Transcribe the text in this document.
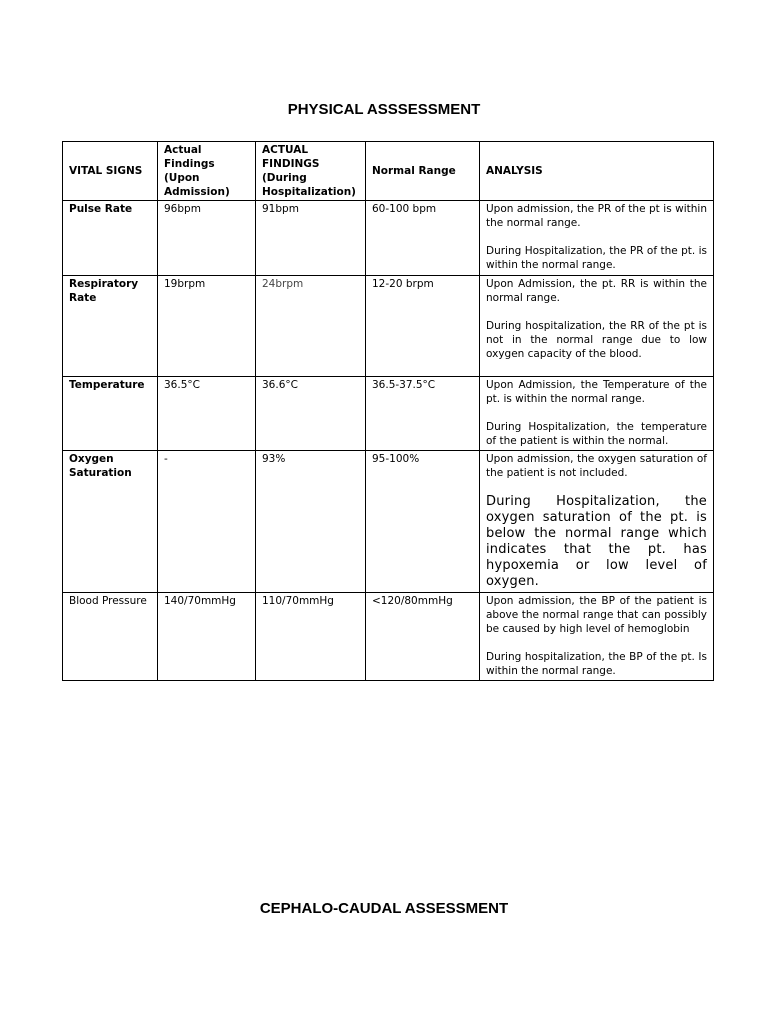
PHYSICAL ASSSESSMENT
VITAL SIGNS	Actual Findings (Upon Admission)	ACTUAL FINDINGS (During Hospitalization)	Normal Range	ANALYSIS
Pulse Rate	96bpm	91bpm	60-100 bpm	Upon admission, the PR of the pt is within the normal range.

During Hospitalization, the PR of the pt. is within the normal range.

Respiratory Rate	19brpm	24brpm	12-20 brpm	Upon Admission, the pt. RR is within the normal range.

During hospitalization, the RR of the pt is not in the normal range due to low oxygen capacity of the blood.

Temperature	36.5°C	36.6°C	36.5-37.5°C	Upon Admission, the Temperature of the pt. is within the normal range.

During Hospitalization, the temperature of the patient is within the normal.

Oxygen Saturation	-	93%	95-100%	Upon admission, the oxygen saturation of the patient is not included.

During Hospitalization, the oxygen saturation of the pt. is below the normal range which indicates that the pt. has hypoxemia or low level of oxygen.

Blood Pressure	140/70mmHg	110/70mmHg	<120/80mmHg	Upon admission, the BP of the patient is above the normal range that can possibly be caused by high level of hemoglobin

During hospitalization, the BP of the pt. Is within the normal range.

CEPHALO-CAUDAL ASSESSMENT
